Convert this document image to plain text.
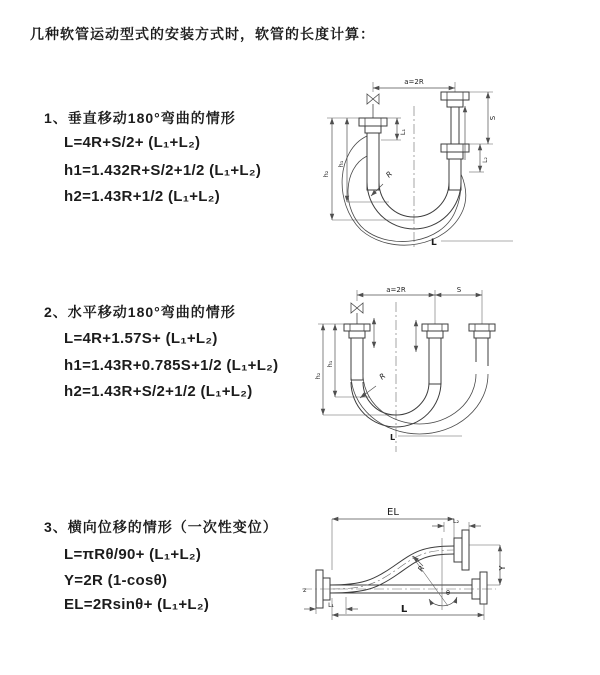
几种软管运动型式的安装方式时，软管的长度计算：
1、垂直移动180°弯曲的情形
L=4R+S/2+ (L₁+L₂)
h1=1.432R+S/2+1/2 (L₁+L₂)
h2=1.43R+1/2 (L₁+L₂)
2、水平移动180°弯曲的情形
L=4R+1.57S+ (L₁+L₂)
h1=1.43R+0.785S+1/2 (L₁+L₂)
h2=1.43R+S/2+1/2 (L₁+L₂)
3、横向位移的情形（一次性变位）
L=πRθ/90+ (L₁+L₂)
Y=2R (1-cosθ)
EL=2Rsinθ+ (L₁+L₂)
a=2R
L₁
S
L₂
h₁
h₂	R
L
a=2R	S
h₁
h₂	R
L
EL
L₂
Y
z	θ
R
L
L₁
